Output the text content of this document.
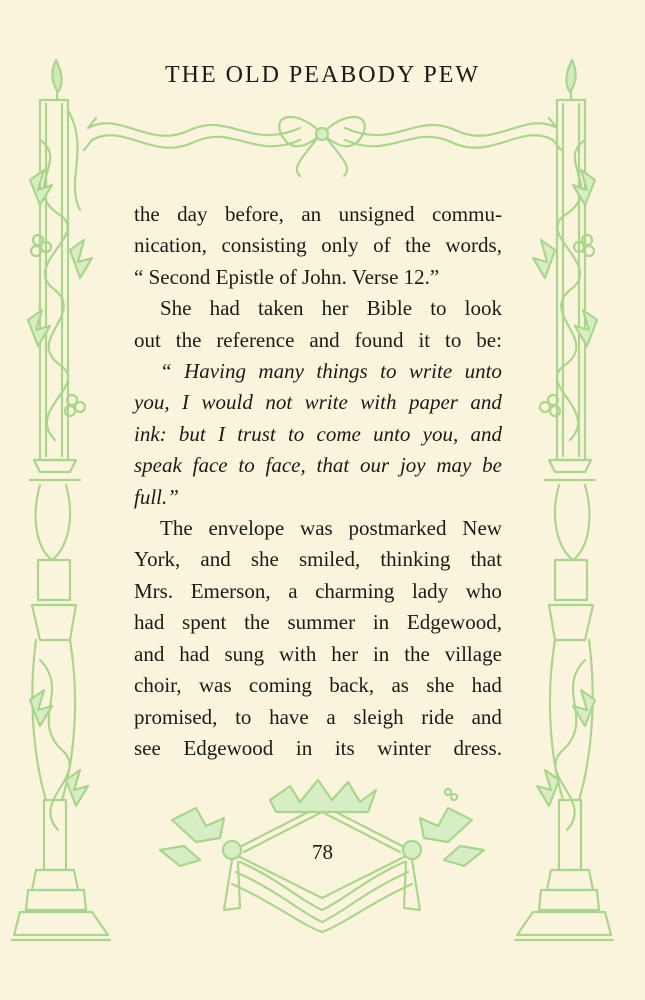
THE OLD PEABODY PEW
the day before, an unsigned commu-
nication, consisting only of the words,
“ Second Epistle of John. Verse 12.”
She had taken her Bible to look
out the reference and found it to be:
“ Having many things to write unto
you, I would not write with paper and
ink: but I trust to come unto you, and
speak face to face, that our joy may be
full.”
The envelope was postmarked New
York, and she smiled, thinking that
Mrs. Emerson, a charming lady who
had spent the summer in Edgewood,
and had sung with her in the village
choir, was coming back, as she had
promised, to have a sleigh ride and
see Edgewood in its winter dress.
78
